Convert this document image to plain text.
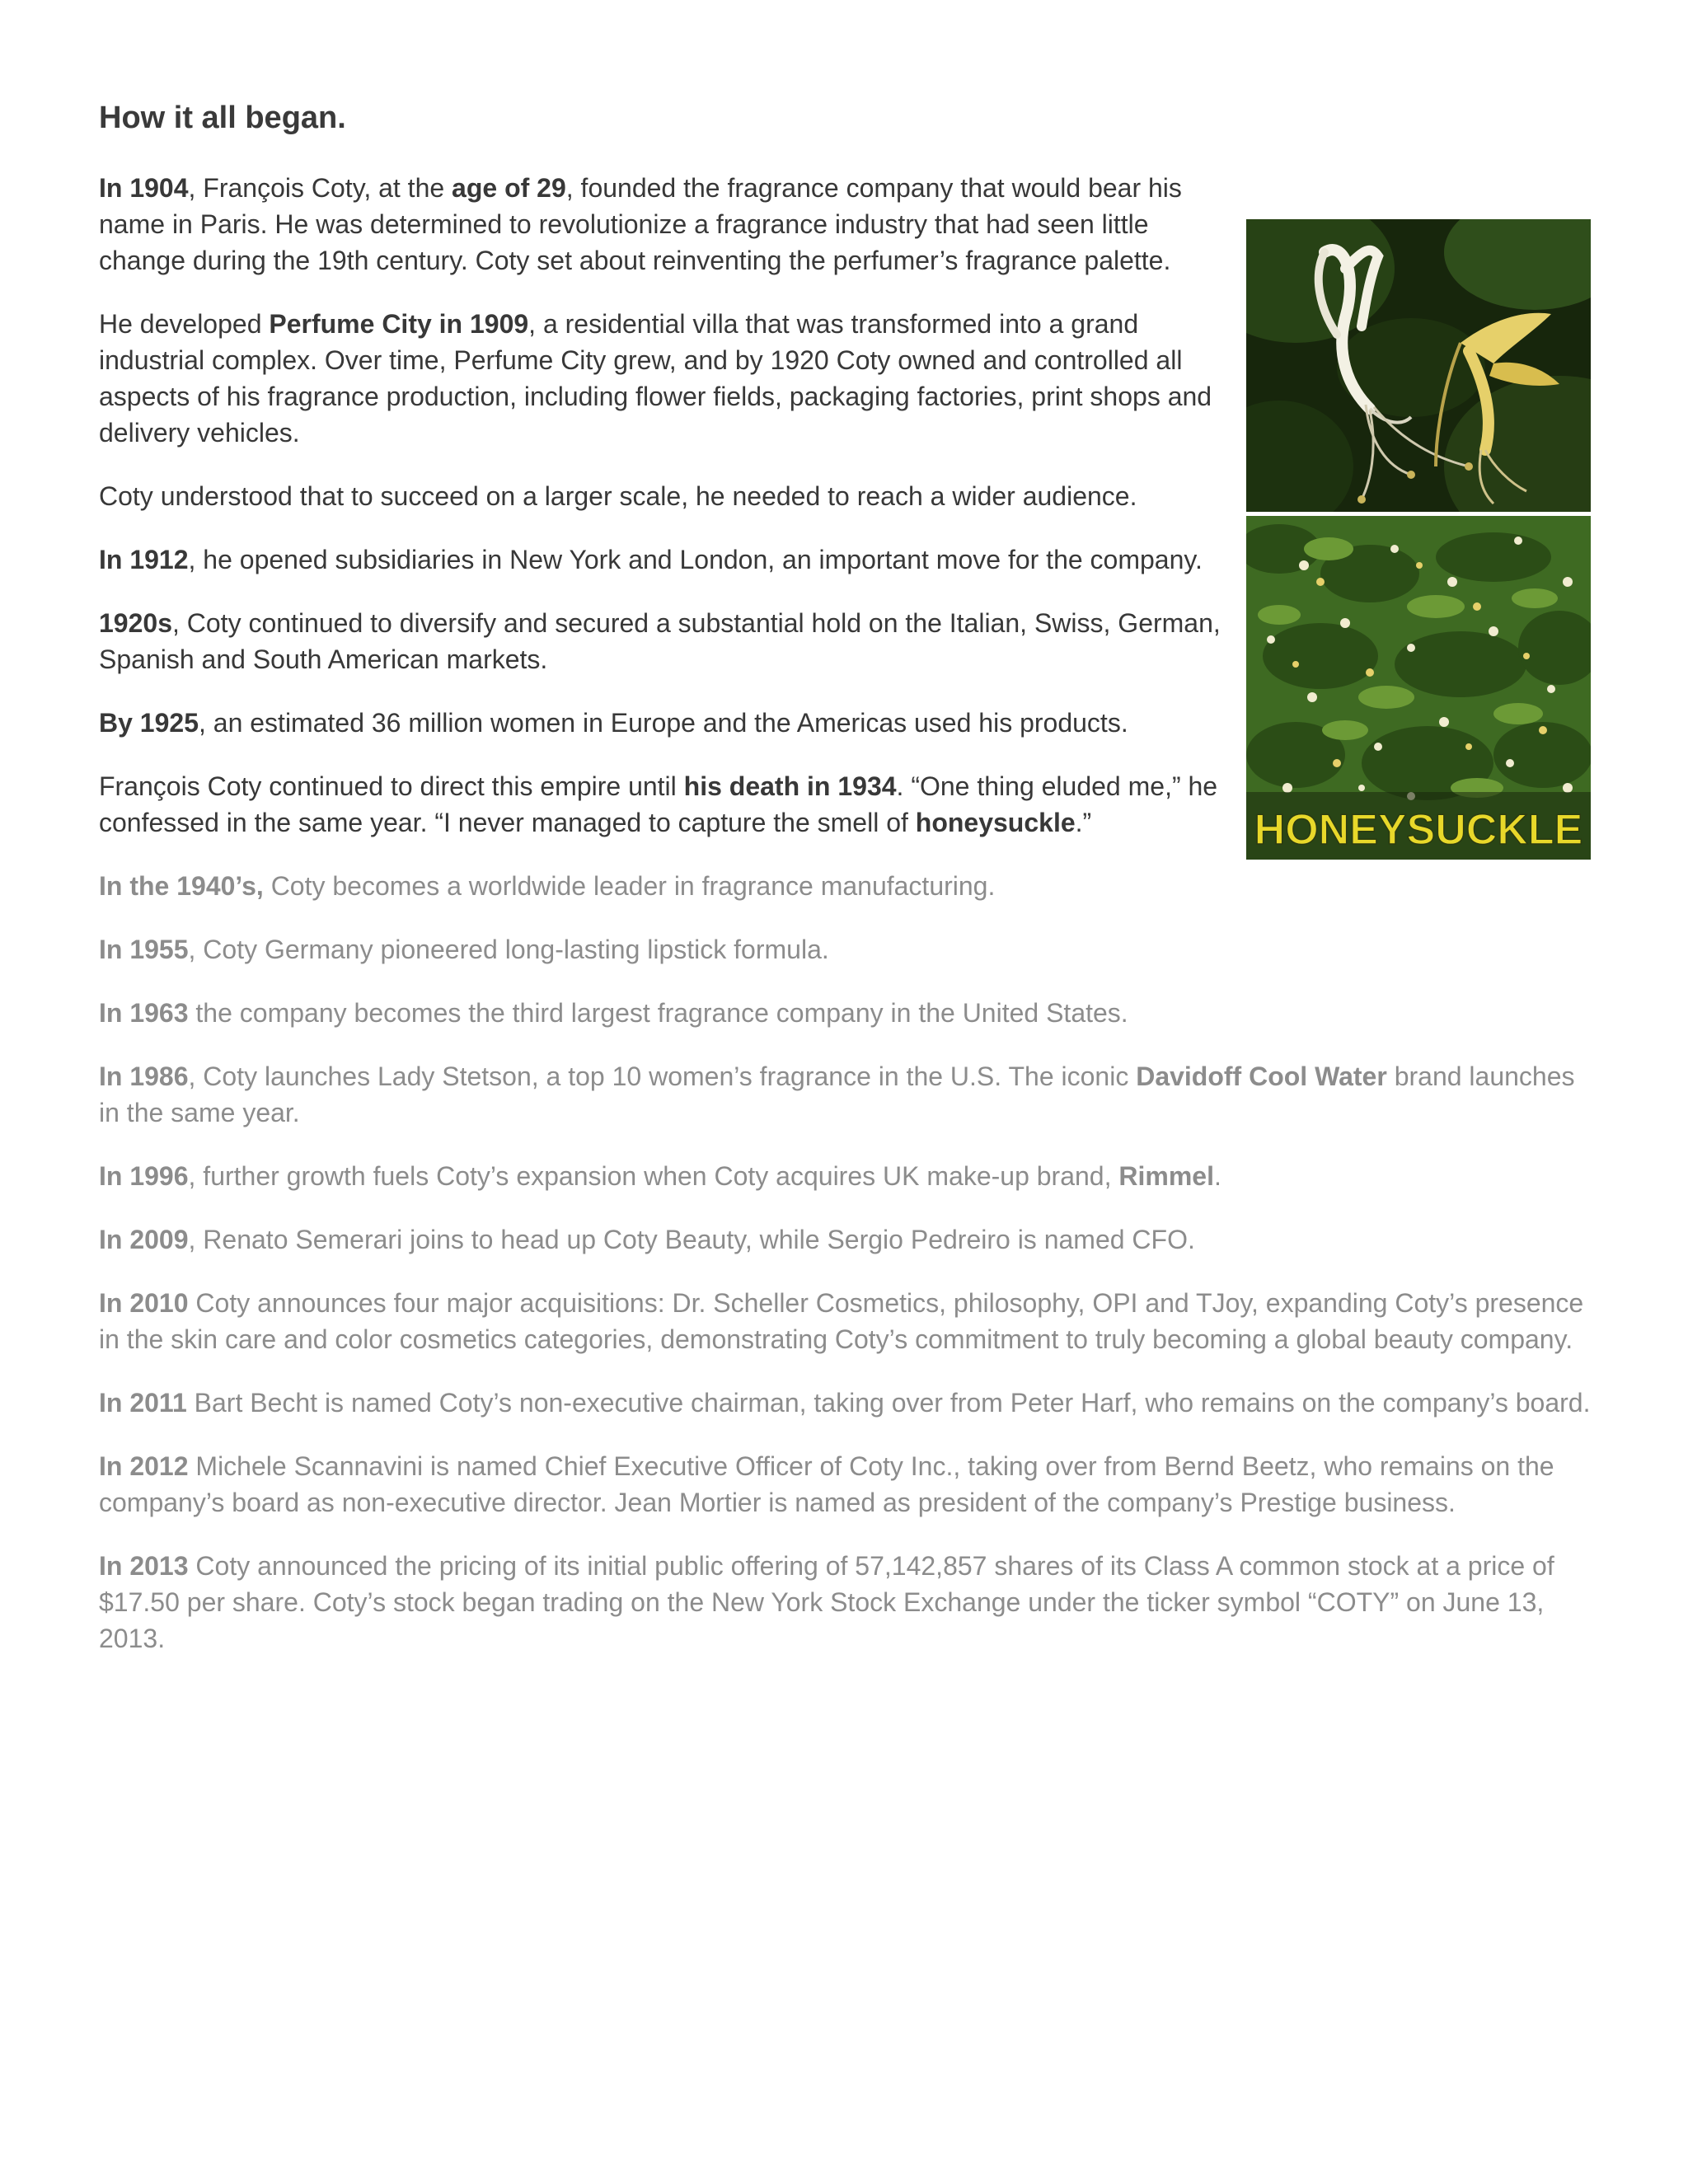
How it all began.
HONEYSUCKLE

In 1904, François Coty, at the age of 29, founded the fragrance company that would bear his name in Paris. He was determined to revolutionize a fragrance industry that had seen little change during the 19th century. Coty set about reinventing the perfumer’s fragrance palette.

He developed Perfume City in 1909, a residential villa that was transformed into a grand industrial complex. Over time, Perfume City grew, and by 1920 Coty owned and controlled all aspects of his fragrance production, including flower fields, packaging factories, print shops and delivery vehicles.

Coty understood that to succeed on a larger scale, he needed to reach a wider audience.

In 1912, he opened subsidiaries in New York and London, an important move for the company.

1920s, Coty continued to diversify and secured a substantial hold on the Italian, Swiss, German, Spanish and South American markets.

By 1925, an estimated 36 million women in Europe and the Americas used his products.

François Coty continued to direct this empire until his death in 1934. “One thing eluded me,” he confessed in the same year. “I never managed to capture the smell of honeysuckle.”

In the 1940’s, Coty becomes a worldwide leader in fragrance manufacturing.

In 1955, Coty Germany pioneered long-lasting lipstick formula.

In 1963 the company becomes the third largest fragrance company in the United States.

In 1986, Coty launches Lady Stetson, a top 10 women’s fragrance in the U.S. The iconic Davidoff Cool Water brand launches in the same year.

In 1996, further growth fuels Coty’s expansion when Coty acquires UK make-up brand, Rimmel.

In 2009, Renato Semerari joins to head up Coty Beauty, while Sergio Pedreiro is named CFO.

In 2010 Coty announces four major acquisitions: Dr. Scheller Cosmetics, philosophy, OPI and TJoy, expanding Coty’s presence in the skin care and color cosmetics categories, demonstrating Coty’s commitment to truly becoming a global beauty company.

In 2011 Bart Becht is named Coty’s non-executive chairman, taking over from Peter Harf, who remains on the company’s board.

In 2012 Michele Scannavini is named Chief Executive Officer of Coty Inc., taking over from Bernd Beetz, who remains on the company’s board as non-executive director. Jean Mortier is named as president of the company’s Prestige business.

In 2013 Coty announced the pricing of its initial public offering of 57,142,857 shares of its Class A common stock at a price of $17.50 per share. Coty’s stock began trading on the New York Stock Exchange under the ticker symbol “COTY” on June 13, 2013.
